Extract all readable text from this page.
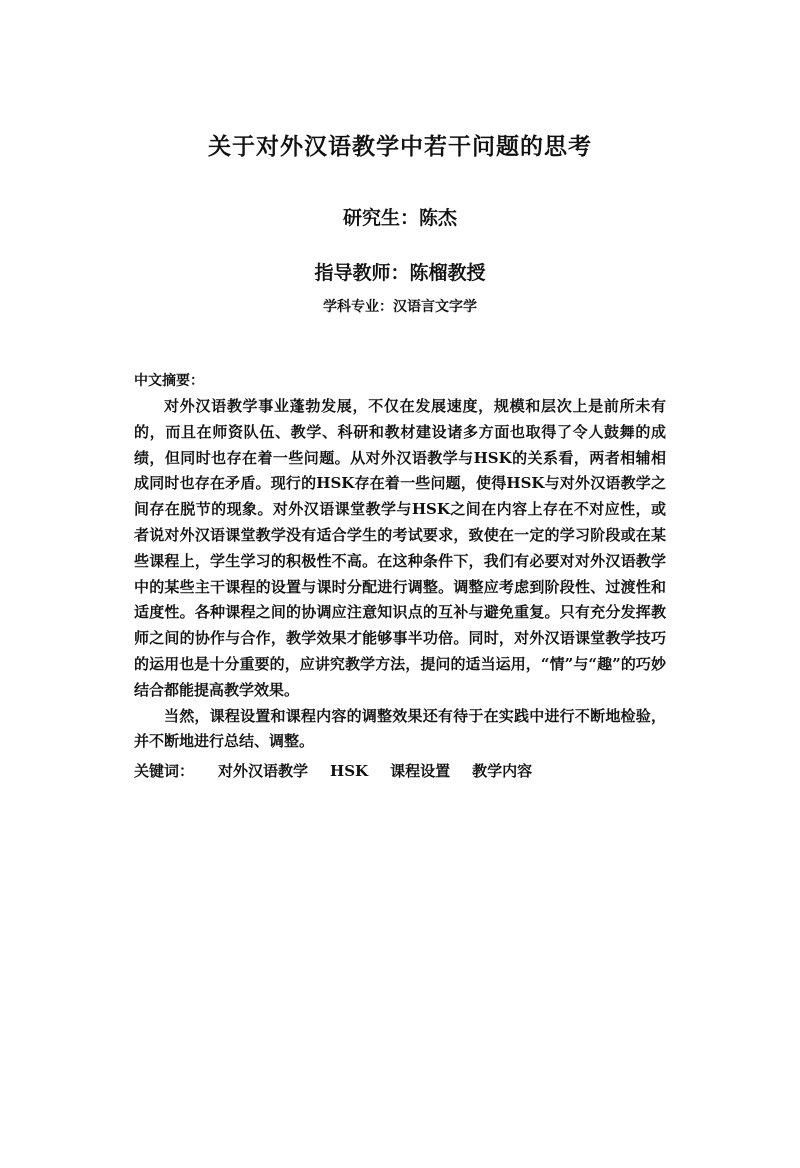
关于对外汉语教学中若干问题的思考
研究生：陈杰
指导教师：陈榴教授
学科专业：汉语言文字学
中文摘要：

对外汉语教学事业蓬勃发展，不仅在发展速度，规模和层次上是前所未有的，而且在师资队伍、教学、科研和教材建设诸多方面也取得了令人鼓舞的成绩，但同时也存在着一些问题。从对外汉语教学与HSK的关系看，两者相辅相成同时也存在矛盾。现行的HSK存在着一些问题，使得HSK与对外汉语教学之间存在脱节的现象。对外汉语课堂教学与HSK之间在内容上存在不对应性，或者说对外汉语课堂教学没有适合学生的考试要求，致使在一定的学习阶段或在某些课程上，学生学习的积极性不高。在这种条件下，我们有必要对对外汉语教学中的某些主干课程的设置与课时分配进行调整。调整应考虑到阶段性、过渡性和适度性。各种课程之间的协调应注意知识点的互补与避免重复。只有充分发挥教师之间的协作与合作，教学效果才能够事半功倍。同时，对外汉语课堂教学技巧的运用也是十分重要的，应讲究教学方法，提问的适当运用，“情”与“趣”的巧妙结合都能提高教学效果。

当然，课程设置和课程内容的调整效果还有待于在实践中进行不断地检验，并不断地进行总结、调整。

关键词：	对外汉语教学 HSK 课程设置 教学内容
